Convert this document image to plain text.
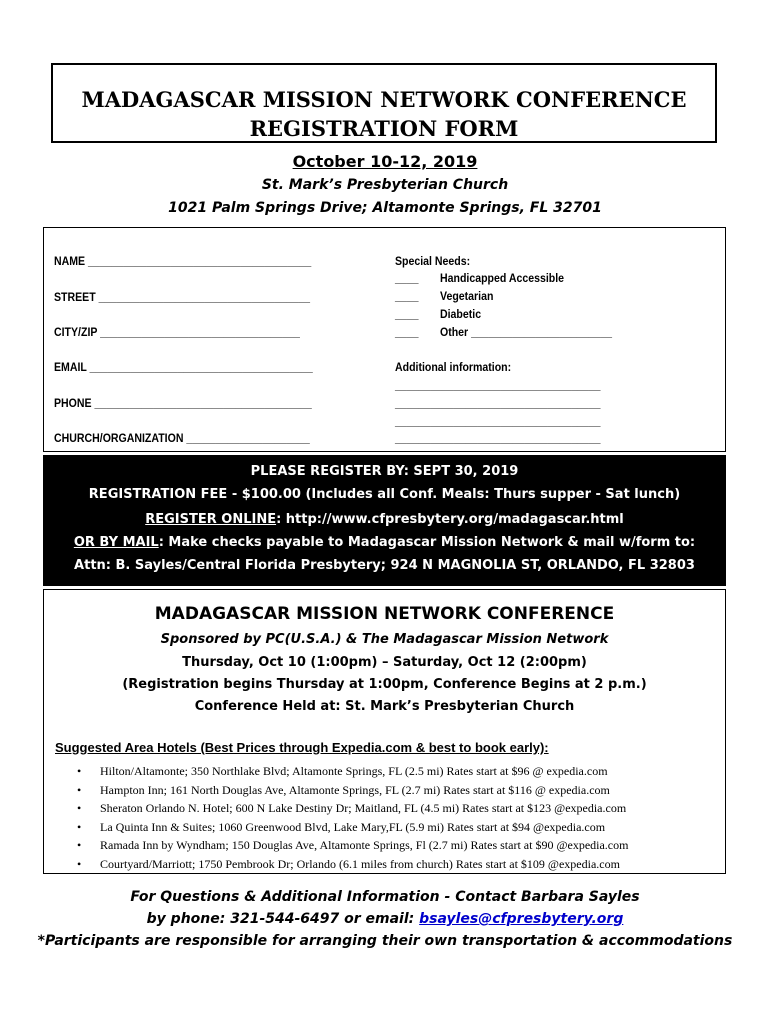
MADAGASCAR MISSION NETWORK CONFERENCE
REGISTRATION FORM
October 10-12, 2019
St. Mark’s Presbyterian Church
1021 Palm Springs Drive; Altamonte Springs, FL 32701
NAME ______________________________________
STREET ____________________________________
CITY/ZIP __________________________________
EMAIL ______________________________________
PHONE _____________________________________
CHURCH/ORGANIZATION _____________________
Special Needs:
____ Handicapped Accessible
____ Vegetarian
____ Diabetic
____ Other ________________________
Additional information:
___________________________________
___________________________________
___________________________________
___________________________________
PLEASE REGISTER BY: SEPT 30, 2019
REGISTRATION FEE - $100.00 (Includes all Conf. Meals: Thurs supper - Sat lunch)
REGISTER ONLINE: http://www.cfpresbytery.org/madagascar.html
OR BY MAIL: Make checks payable to Madagascar Mission Network & mail w/form to:
Attn: B. Sayles/Central Florida Presbytery; 924 N MAGNOLIA ST, ORLANDO, FL 32803
MADAGASCAR MISSION NETWORK CONFERENCE
Sponsored by PC(U.S.A.) & The Madagascar Mission Network
Thursday, Oct 10 (1:00pm) – Saturday, Oct 12 (2:00pm)
(Registration begins Thursday at 1:00pm, Conference Begins at 2 p.m.)
Conference Held at: St. Mark’s Presbyterian Church
Suggested Area Hotels (Best Prices through Expedia.com & best to book early):
• Hilton/Altamonte; 350 Northlake Blvd; Altamonte Springs, FL (2.5 mi) Rates start at $96 @ expedia.com
• Hampton Inn; 161 North Douglas Ave, Altamonte Springs, FL (2.7 mi) Rates start at $116 @ expedia.com
• Sheraton Orlando N. Hotel; 600 N Lake Destiny Dr; Maitland, FL (4.5 mi) Rates start at $123 @expedia.com
• La Quinta Inn & Suites; 1060 Greenwood Blvd, Lake Mary,FL (5.9 mi) Rates start at $94 @expedia.com
• Ramada Inn by Wyndham; 150 Douglas Ave, Altamonte Springs, Fl (2.7 mi) Rates start at $90 @expedia.com
• Courtyard/Marriott; 1750 Pembrook Dr; Orlando (6.1 miles from church) Rates start at $109 @expedia.com
For Questions & Additional Information - Contact Barbara Sayles
by phone: 321-544-6497 or email: bsayles@cfpresbytery.org
*Participants are responsible for arranging their own transportation & accommodations
